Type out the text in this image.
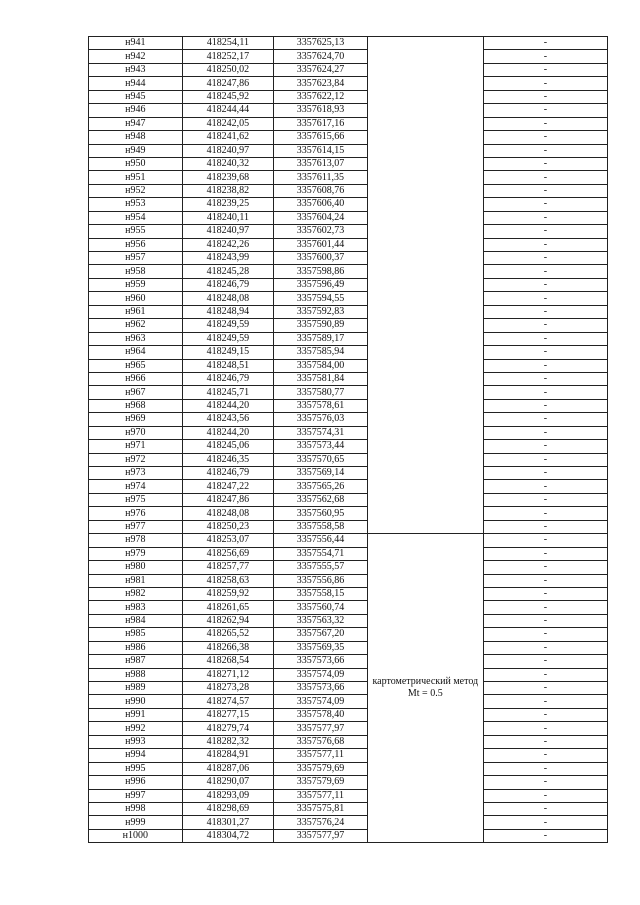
н941	418254,11	3357625,13		-
н942	418252,17	3357624,70		-
н943	418250,02	3357624,27		-
н944	418247,86	3357623,84		-
н945	418245,92	3357622,12		-
н946	418244,44	3357618,93		-
н947	418242,05	3357617,16		-
н948	418241,62	3357615,66		-
н949	418240,97	3357614,15		-
н950	418240,32	3357613,07		-
н951	418239,68	3357611,35		-
н952	418238,82	3357608,76		-
н953	418239,25	3357606,40		-
н954	418240,11	3357604,24		-
н955	418240,97	3357602,73		-
н956	418242,26	3357601,44		-
н957	418243,99	3357600,37		-
н958	418245,28	3357598,86		-
н959	418246,79	3357596,49		-
н960	418248,08	3357594,55		-
н961	418248,94	3357592,83		-
н962	418249,59	3357590,89		-
н963	418249,59	3357589,17		-
н964	418249,15	3357585,94		-
н965	418248,51	3357584,00		-
н966	418246,79	3357581,84		-
н967	418245,71	3357580,77		-
н968	418244,20	3357578,61		-
н969	418243,56	3357576,03		-
н970	418244,20	3357574,31		-
н971	418245,06	3357573,44		-
н972	418246,35	3357570,65		-
н973	418246,79	3357569,14		-
н974	418247,22	3357565,26		-
н975	418247,86	3357562,68		-
н976	418248,08	3357560,95		-
н977	418250,23	3357558,58		-
н978	418253,07	3357556,44	картометрический метод Mt = 0.5	-
н979	418256,69	3357554,71		-
н980	418257,77	3357555,57		-
н981	418258,63	3357556,86		-
н982	418259,92	3357558,15		-
н983	418261,65	3357560,74		-
н984	418262,94	3357563,32		-
н985	418265,52	3357567,20		-
н986	418266,38	3357569,35		-
н987	418268,54	3357573,66		-
н988	418271,12	3357574,09		-
н989	418273,28	3357573,66		-
н990	418274,57	3357574,09		-
н991	418277,15	3357578,40		-
н992	418279,74	3357577,97		-
н993	418282,32	3357576,68		-
н994	418284,91	3357577,11		-
н995	418287,06	3357579,69		-
н996	418290,07	3357579,69		-
н997	418293,09	3357577,11		-
н998	418298,69	3357575,81		-
н999	418301,27	3357576,24		-
н1000	418304,72	3357577,97		-
